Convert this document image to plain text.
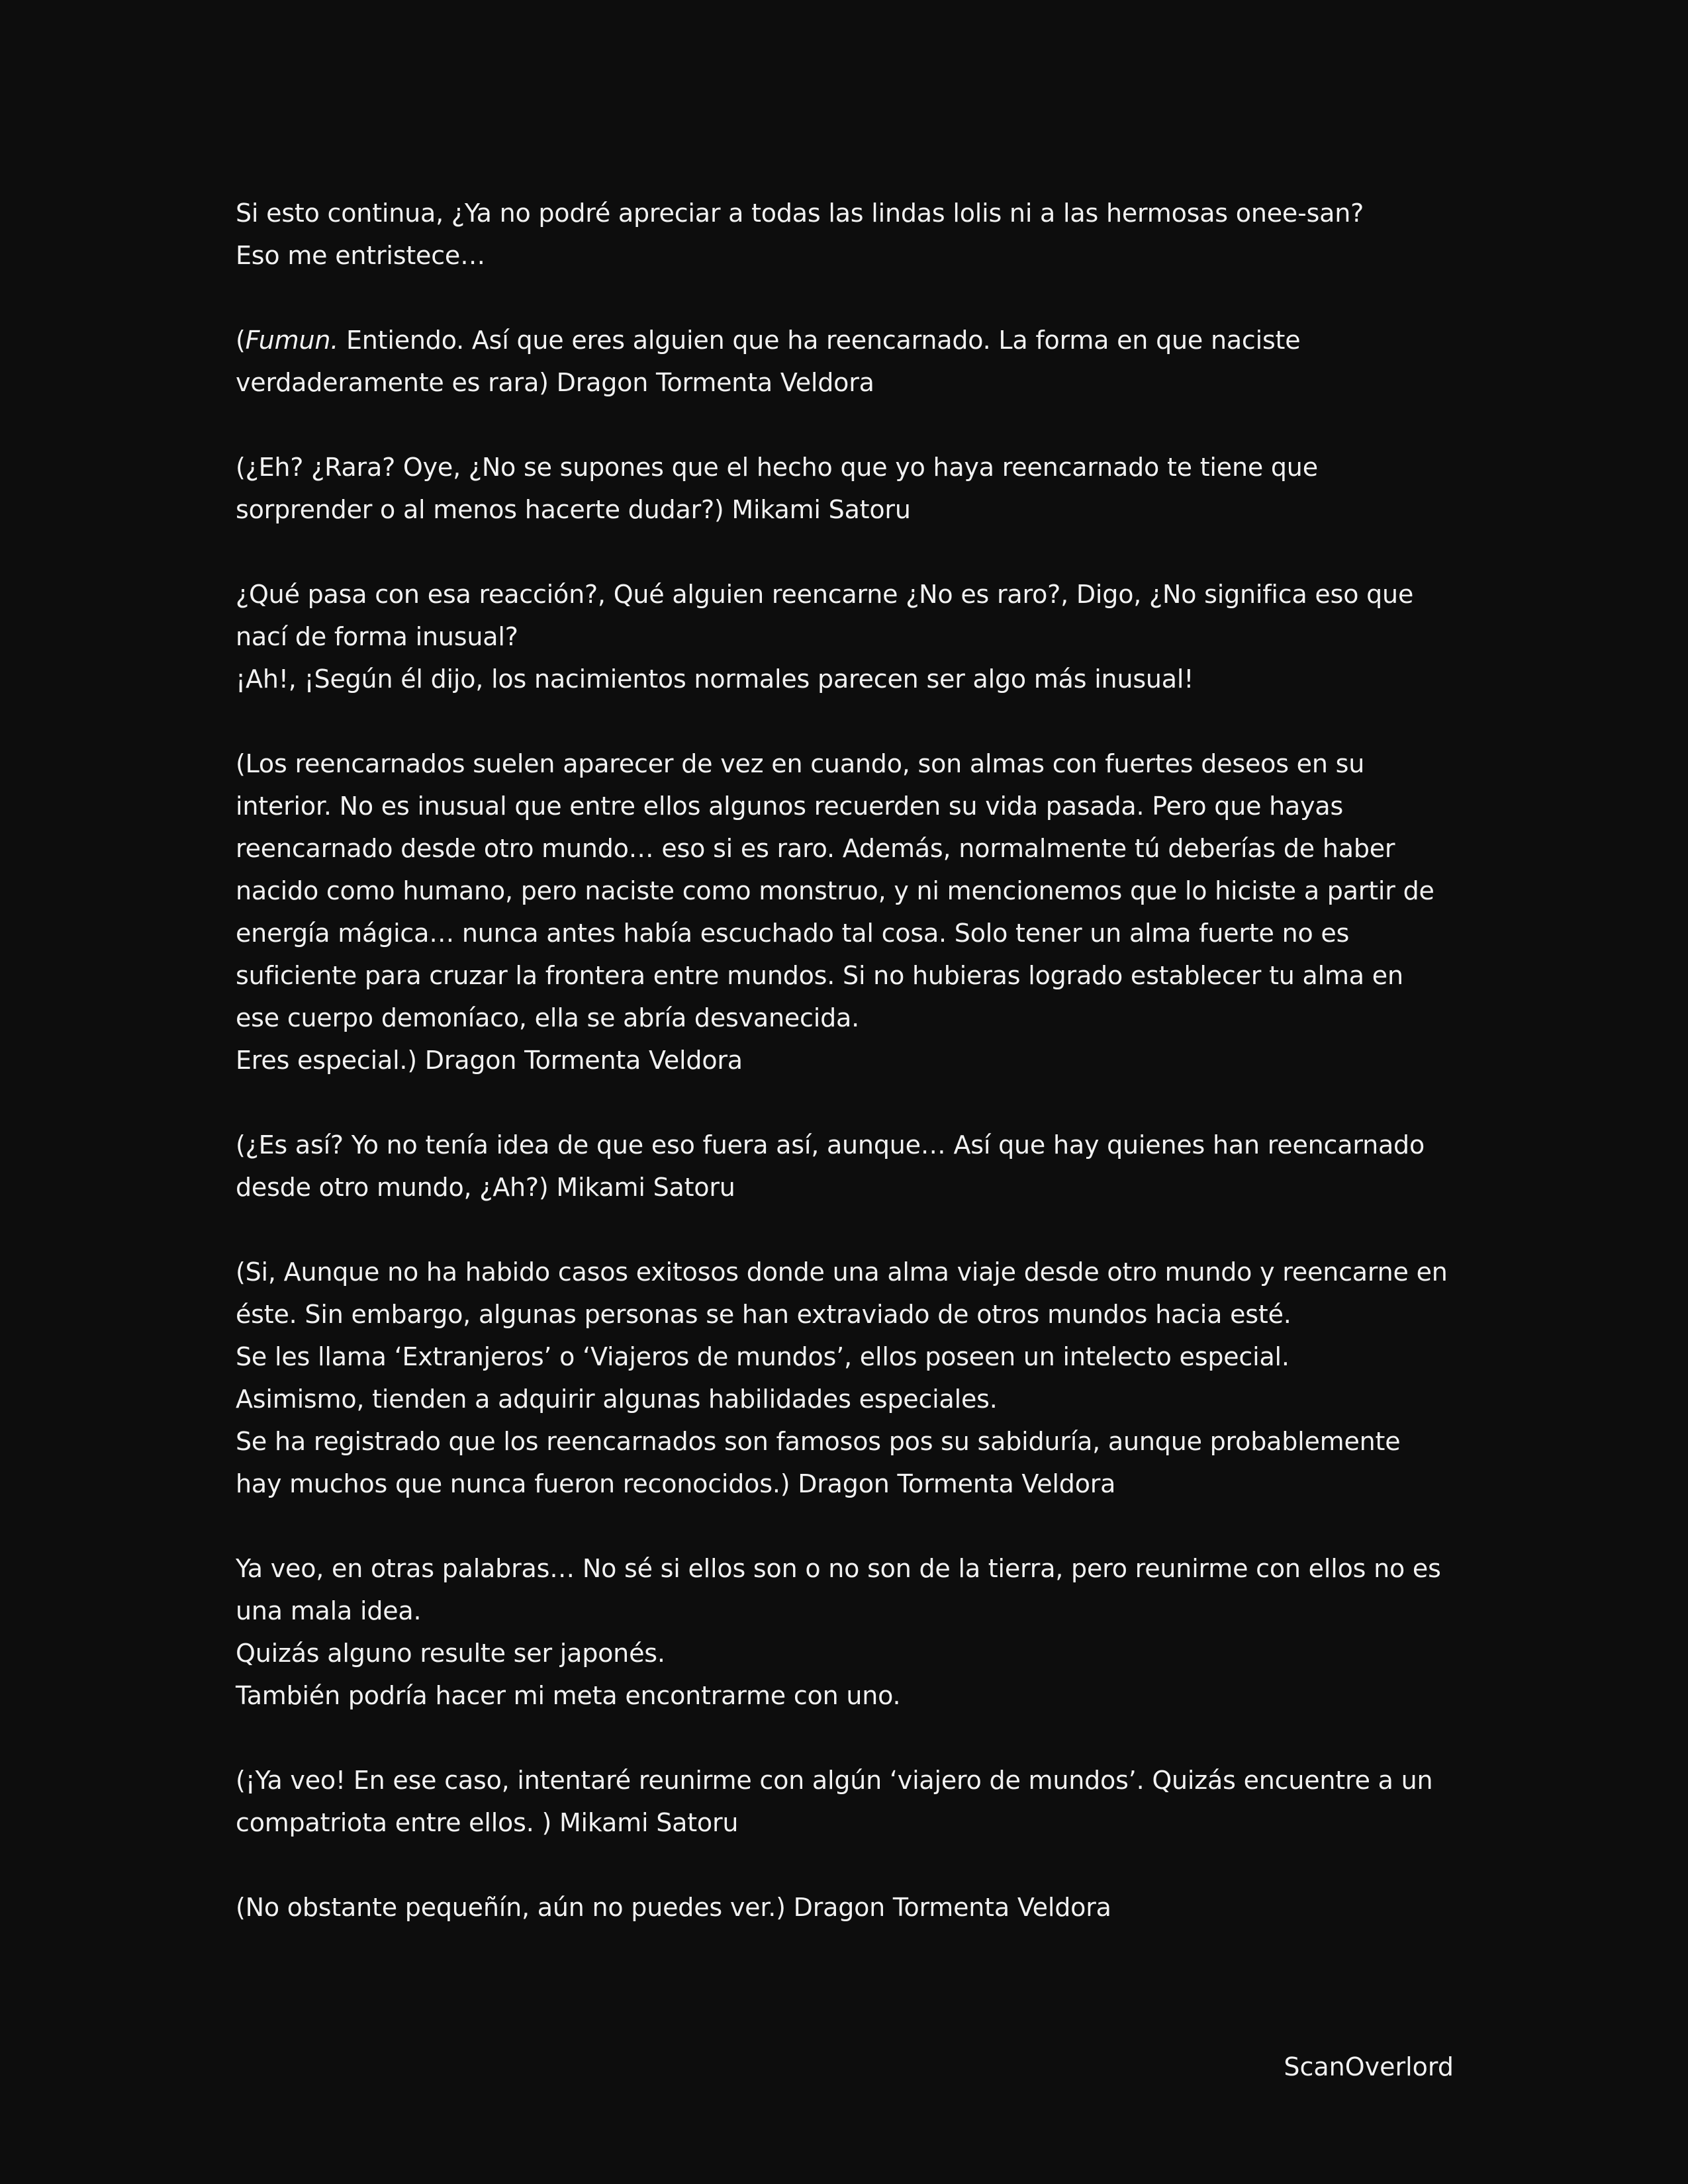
Si esto continua, ¿Ya no podré apreciar a todas las lindas lolis ni a las hermosas onee-san?
Eso me entristece…

(Fumun. Entiendo. Así que eres alguien que ha reencarnado. La forma en que naciste verdaderamente es rara) Dragon Tormenta Veldora

(¿Eh? ¿Rara? Oye, ¿No se supones que el hecho que yo haya reencarnado te tiene que sorprender o al menos hacerte dudar?) Mikami Satoru

¿Qué pasa con esa reacción?, Qué alguien reencarne ¿No es raro?, Digo, ¿No significa eso que nací de forma inusual?
¡Ah!, ¡Según él dijo, los nacimientos normales parecen ser algo más inusual!

(Los reencarnados suelen aparecer de vez en cuando, son almas con fuertes deseos en su interior. No es inusual que entre ellos algunos recuerden su vida pasada. Pero que hayas reencarnado desde otro mundo… eso si es raro. Además, normalmente tú deberías de haber nacido como humano, pero naciste como monstruo, y ni mencionemos que lo hiciste a partir de energía mágica… nunca antes había escuchado tal cosa. Solo tener un alma fuerte no es suficiente para cruzar la frontera entre mundos. Si no hubieras logrado establecer tu alma en ese cuerpo demoníaco, ella se abría desvanecida.
Eres especial.) Dragon Tormenta Veldora

(¿Es así? Yo no tenía idea de que eso fuera así, aunque… Así que hay quienes han reencarnado desde otro mundo, ¿Ah?) Mikami Satoru

(Si, Aunque no ha habido casos exitosos donde una alma viaje desde otro mundo y reencarne en éste. Sin embargo, algunas personas se han extraviado de otros mundos hacia esté.
Se les llama ‘Extranjeros’ o ‘Viajeros de mundos’, ellos poseen un intelecto especial.
Asimismo, tienden a adquirir algunas habilidades especiales.
Se ha registrado que los reencarnados son famosos pos su sabiduría, aunque probablemente hay muchos que nunca fueron reconocidos.) Dragon Tormenta Veldora

Ya veo, en otras palabras… No sé si ellos son o no son de la tierra, pero reunirme con ellos no es una mala idea.
Quizás alguno resulte ser japonés.
También podría hacer mi meta encontrarme con uno.

(¡Ya veo! En ese caso, intentaré reunirme con algún ‘viajero de mundos’. Quizás encuentre a un compatriota entre ellos. ) Mikami Satoru

(No obstante pequeñín, aún no puedes ver.) Dragon Tormenta Veldora

ScanOverlord
